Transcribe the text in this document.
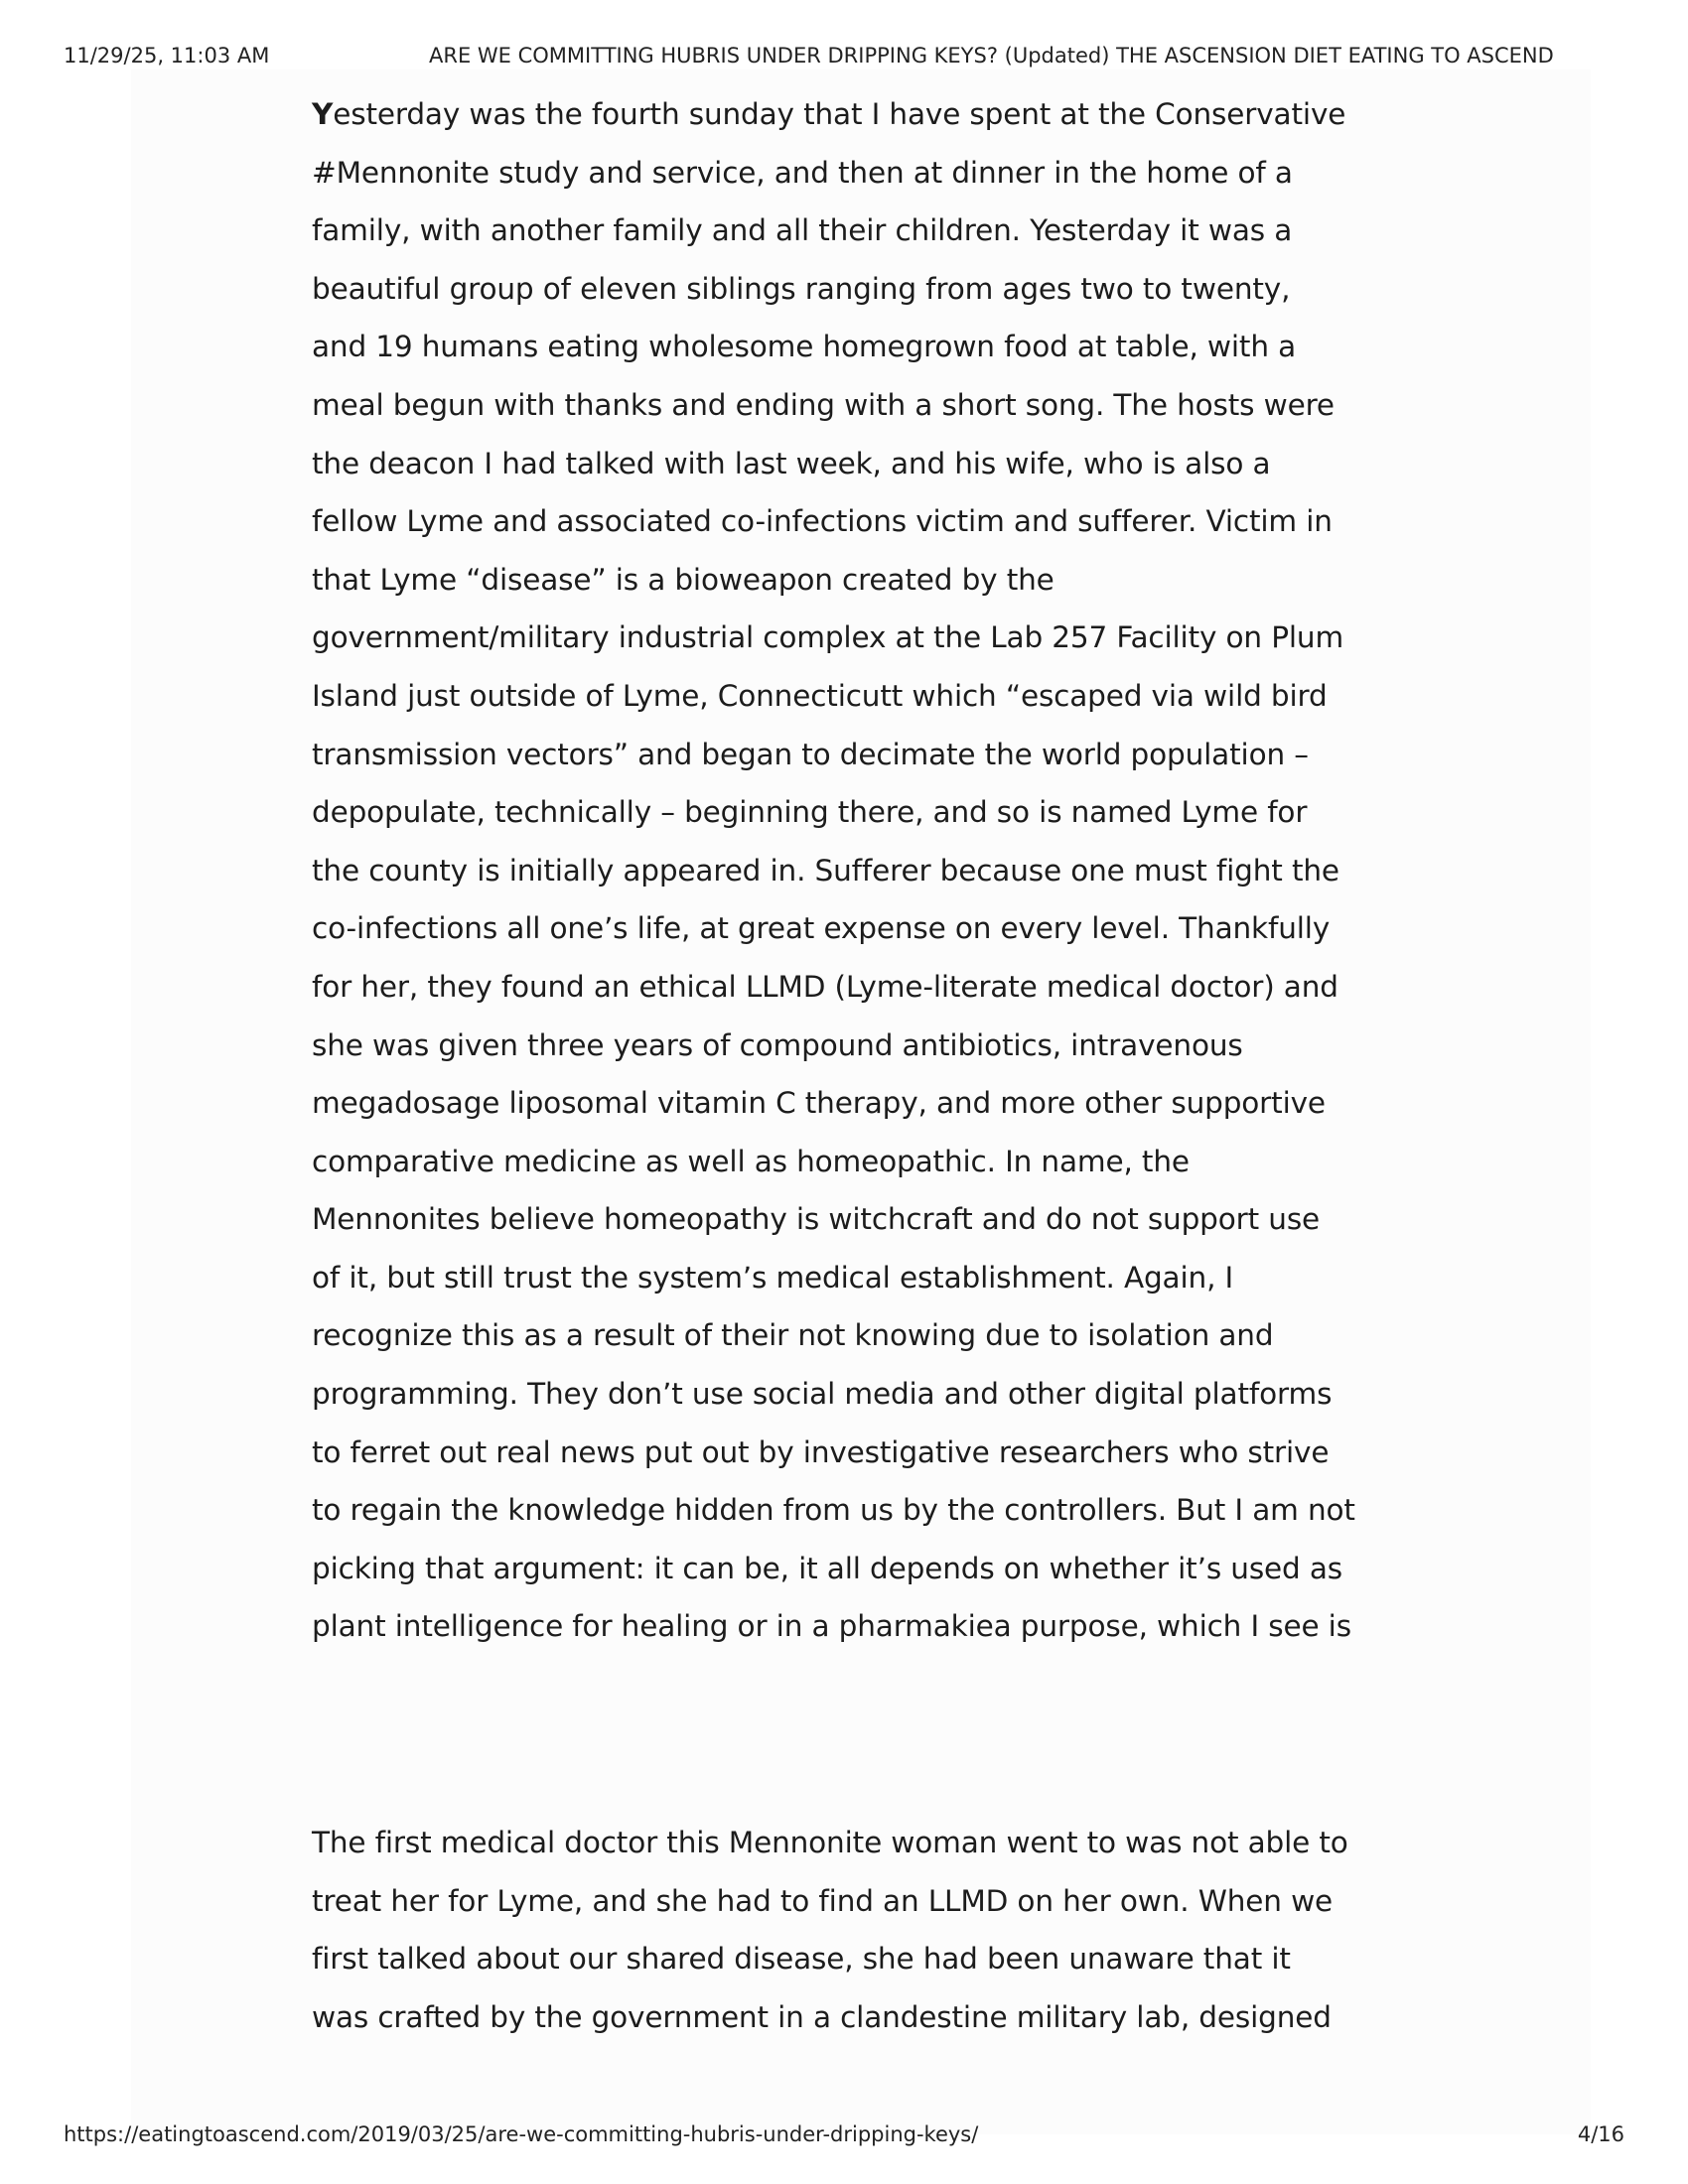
11/29/25, 11:03 AM	ARE WE COMMITTING HUBRIS UNDER DRIPPING KEYS? (Updated) THE ASCENSION DIET EATING TO ASCEND

Yesterday was the fourth sunday that I have spent at the Conservative
#Mennonite study and service, and then at dinner in the home of a
family, with another family and all their children. Yesterday it was a
beautiful group of eleven siblings ranging from ages two to twenty,
and 19 humans eating wholesome homegrown food at table, with a
meal begun with thanks and ending with a short song. The hosts were
the deacon I had talked with last week, and his wife, who is also a
fellow Lyme and associated co-infections victim and sufferer. Victim in
that Lyme “disease” is a bioweapon created by the
government/military industrial complex at the Lab 257 Facility on Plum
Island just outside of Lyme, Connecticutt which “escaped via wild bird
transmission vectors” and began to decimate the world population –
depopulate, technically – beginning there, and so is named Lyme for
the county is initially appeared in. Sufferer because one must fight the
co-infections all one’s life, at great expense on every level. Thankfully
for her, they found an ethical LLMD (Lyme-literate medical doctor) and
she was given three years of compound antibiotics, intravenous
megadosage liposomal vitamin C therapy, and more other supportive
comparative medicine as well as homeopathic. In name, the
Mennonites believe homeopathy is witchcraft and do not support use
of it, but still trust the system’s medical establishment. Again, I
recognize this as a result of their not knowing due to isolation and
programming. They don’t use social media and other digital platforms
to ferret out real news put out by investigative researchers who strive
to regain the knowledge hidden from us by the controllers. But I am not
picking that argument: it can be, it all depends on whether it’s used as
plant intelligence for healing or in a pharmakiea purpose, which I see is

The first medical doctor this Mennonite woman went to was not able to
treat her for Lyme, and she had to find an LLMD on her own. When we
first talked about our shared disease, she had been unaware that it
was crafted by the government in a clandestine military lab, designed

https://eatingtoascend.com/2019/03/25/are-we-committing-hubris-under-dripping-keys/	4/16
